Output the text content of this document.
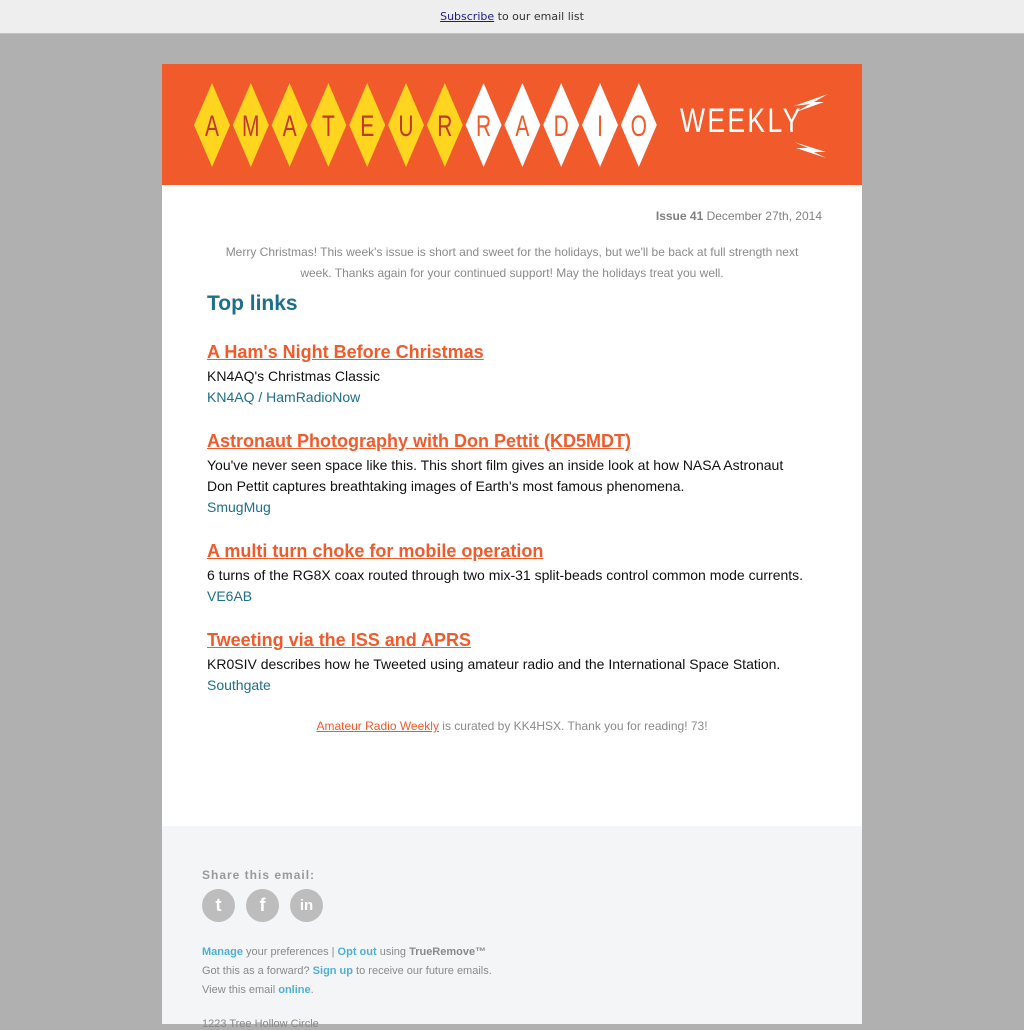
Subscribe to our email list
A M A T E U R R A D I O WEEKLY
Issue 41 December 27th, 2014
Merry Christmas! This week's issue is short and sweet for the holidays, but we'll be back at full strength next week. Thanks again for your continued support! May the holidays treat you well.
Top links
A Ham's Night Before Christmas
KN4AQ's Christmas Classic
KN4AQ / HamRadioNow
Astronaut Photography with Don Pettit (KD5MDT)
You've never seen space like this. This short film gives an inside look at how NASA Astronaut Don Pettit captures breathtaking images of Earth's most famous phenomena.
SmugMug
A multi turn choke for mobile operation
6 turns of the RG8X coax routed through two mix-31 split-beads control common mode currents.
VE6AB
Tweeting via the ISS and APRS
KR0SIV describes how he Tweeted using amateur radio and the International Space Station.
Southgate
Amateur Radio Weekly is curated by KK4HSX. Thank you for reading! 73!
Share this email:
t	f	in
Manage your preferences | Opt out using TrueRemove™
Got this as a forward? Sign up to receive our future emails.
View this email online.
1223 Tree Hollow Circle
